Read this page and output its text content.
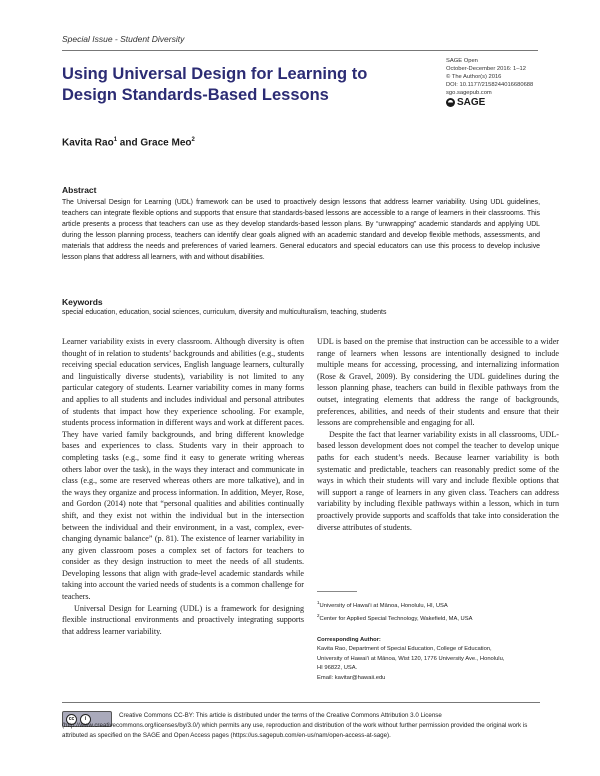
Special Issue - Student Diversity
Using Universal Design for Learning to Design Standards-Based Lessons
SAGE Open
October-December 2016: 1–12
© The Author(s) 2016
DOI: 10.1177/2158244016680688
sgo.sagepub.com
SAGE
Kavita Rao$^1$ and Grace Meo$^2$
Abstract
The Universal Design for Learning (UDL) framework can be used to proactively design lessons that address learner variability. Using UDL guidelines, teachers can integrate flexible options and supports that ensure that standards-based lessons are accessible to a range of learners in their classrooms. This article presents a process that teachers can use as they develop standards-based lesson plans. By “unwrapping” academic standards and applying UDL during the lesson planning process, teachers can identify clear goals aligned with an academic standard and develop flexible methods, assessments, and materials that address the needs and preferences of varied learners. General educators and special educators can use this process to develop inclusive lesson plans that address all learners, with and without disabilities.
Keywords
special education, education, social sciences, curriculum, diversity and multiculturalism, teaching, students

Learner variability exists in every classroom. Although diversity is often thought of in relation to students’ backgrounds and abilities (e.g., students receiving special education services, English language learners, culturally and linguistically diverse students), variability is not limited to any particular category of students. Learner variability comes in many forms and applies to all students and includes individual and personal attributes of students that impact how they experience schooling. For example, students process information in different ways and work at different paces. They have varied family backgrounds, and bring different knowledge bases and experiences to class. Students vary in their approach to completing tasks (e.g., some find it easy to generate writing whereas others labor over the task), in the ways they interact and communicate in class (e.g., some are reserved whereas others are more talkative), and in the ways they organize and process information. In addition, Meyer, Rose, and Gordon (2014) note that “personal qualities and abilities continually shift, and they exist not within the individual but in the intersection between the individual and their environment, in a vast, complex, ever-changing dynamic balance” (p. 81). The existence of learner variability in any given classroom poses a complex set of factors for teachers to consider as they design instruction to meet the needs of all students. Developing lessons that align with grade-level academic standards while taking into account the varied needs of students is a common challenge for teachers.

Universal Design for Learning (UDL) is a framework for designing flexible instructional environments and proactively integrating supports that address learner variability.

UDL is based on the premise that instruction can be accessible to a wider range of learners when lessons are intentionally designed to include multiple means for accessing, processing, and internalizing information (Rose & Gravel, 2009). By considering the UDL guidelines during the lesson planning phase, teachers can build in flexible pathways from the outset, integrating elements that address the range of backgrounds, preferences, abilities, and needs of their students and ensure that their lessons are comprehensible and engaging for all.

Despite the fact that learner variability exists in all classrooms, UDL-based lesson development does not compel the teacher to develop unique paths for each student’s needs. Because learner variability is both systematic and predictable, teachers can reasonably predict some of the ways in which their students will vary and include flexible options that will support a range of learners in any given class. Teachers can address variability by including flexible pathways within a lesson, which in turn proactively provide supports and scaffolds that take into consideration the diverse attributes of students.

$^1$University of Hawai’i at Mānoa, Honolulu, HI, USA
$^2$Center for Applied Special Technology, Wakefield, MA, USA
Corresponding Author:
Kavita Rao, Department of Special Education, College of Education,
University of Hawai’i at Mānoa, Wist 120, 1776 University Ave., Honolulu,
HI 96822, USA.
Email: kavitar@hawaii.edu
cc	i	Creative Commons CC-BY: This article is distributed under the terms of the Creative Commons Attribution 3.0 License (http://www.creativecommons.org/licenses/by/3.0/) which permits any use, reproduction and distribution of the work without further permission provided the original work is attributed as specified on the SAGE and Open Access pages (https://us.sagepub.com/en-us/nam/open-access-at-sage).
